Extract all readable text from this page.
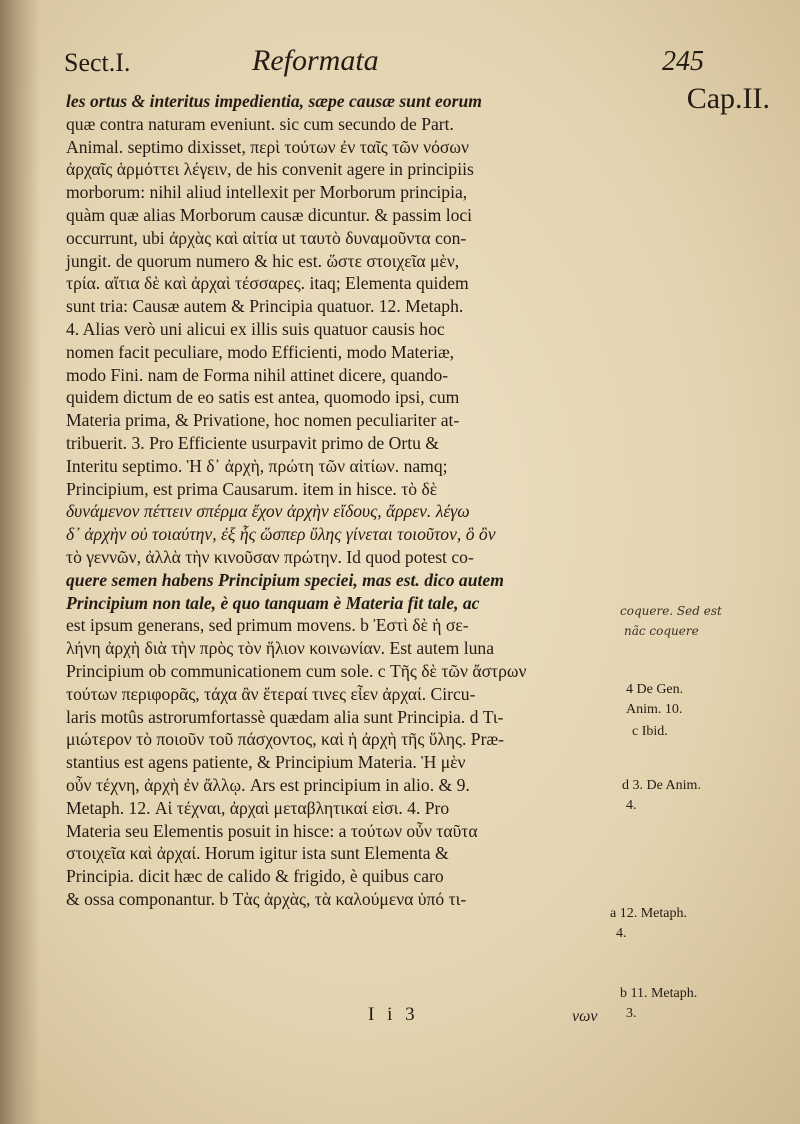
Sect.I.	Reformata	245
Cap.II.
les ortus & interitus impedientia, sæpe causæ sunt eorum
quæ contra naturam eveniunt. sic cum secundo de Part.
Animal. septimo dixisset, περὶ τούτων ἐν ταῖς τῶν νόσων
ἀρχαῖς ἁρμόττει λέγειν, de his convenit agere in principiis
morborum: nihil aliud intellexit per Morborum principia,
quàm quæ alias Morborum causæ dicuntur. & passim loci
occurrunt, ubi ἀρχὰς καὶ αἰτία ut ταυτὸ δυναμοῦντα con-
jungit. de quorum numero & hic est. ὥστε στοιχεῖα μὲν,
τρία. αἴτια δὲ καὶ ἀρχαὶ τέσσαρες. itaq; Elementa quidem
sunt tria: Causæ autem & Principia quatuor. 12. Metaph.
4. Alias verò uni alicui ex illis suis quatuor causis hoc
nomen facit peculiare, modo Efficienti, modo Materiæ,
modo Fini. nam de Forma nihil attinet dicere, quando-
quidem dictum de eo satis est antea, quomodo ipsi, cum
Materia prima, & Privatione, hoc nomen peculiariter at-
tribuerit. 3. Pro Efficiente usurpavit primo de Ortu &
Interitu septimo. Ἡ δ᾽ ἀρχὴ, πρώτη τῶν αἰτίων. namq;
Principium, est prima Causarum. item in hisce. τὸ δὲ
δυνάμενον πέττειν σπέρμα ἔχον ἀρχὴν εἴδους, ἄρρεν. λέγω
δ᾽ ἀρχὴν οὐ τοιαύτην, ἐξ ἧς ὥσπερ ὕλης γίνεται τοιοῦτον, ὃ ὂν
τὸ γεννῶν, ἀλλὰ τὴν κινοῦσαν πρώτην. Id quod potest co-
quere semen habens Principium speciei, mas est. dico autem
Principium non tale, è quo tanquam è Materia fit tale, ac
est ipsum generans, sed primum movens. b Ἐστὶ δὲ ἡ σε-
λήνη ἀρχὴ διὰ τὴν πρὸς τὸν ἥλιον κοινωνίαν. Est autem luna
Principium ob communicationem cum sole. c Τῆς δὲ τῶν ἄστρων
τούτων περιφορᾶς, τάχα ἂν ἕτεραί τινες εἶεν ἀρχαί. Circu-
laris motûs astrorumfortassè quædam alia sunt Principia. d Τι-
μιώτερον τὸ ποιοῦν τοῦ πάσχοντος, καὶ ἡ ἀρχὴ τῆς ὕλης. Præ-
stantius est agens patiente, & Principium Materia. Ἡ μὲν
οὖν τέχνη, ἀρχὴ ἐν ἄλλῳ. Ars est principium in alio. & 9.
Metaph. 12. Αἱ τέχναι, ἀρχαὶ μεταβλητικαί εἰσι. 4. Pro
Materia seu Elementis posuit in hisce: a τούτων οὖν ταῦτα
στοιχεῖα καὶ ἀρχαί. Horum igitur ista sunt Elementa &
Principia. dicit hæc de calido & frigido, è quibus caro
& ossa componantur. b Τὰς ἀρχὰς, τὰ καλούμενα ὑπό τι-
coquere. Sed est
nãc coquere
4 De Gen.
Anim. 10.
c Ibid.
d 3. De Anim.
4.
a 12. Metaph.
4.
b 11. Metaph.
3.
I i 3	νων
